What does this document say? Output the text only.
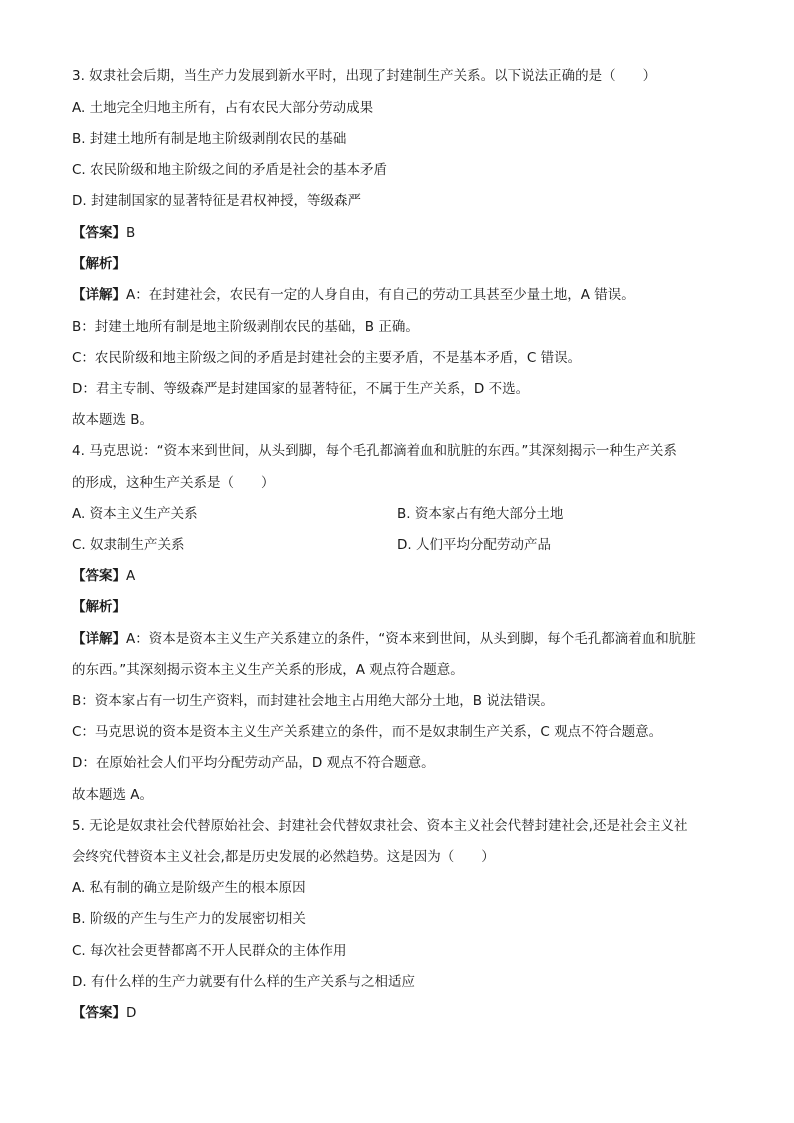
3. 奴隶社会后期，当生产力发展到新水平时，出现了封建制生产关系。以下说法正确的是（　　）
A. 土地完全归地主所有，占有农民大部分劳动成果
B. 封建土地所有制是地主阶级剥削农民的基础
C. 农民阶级和地主阶级之间的矛盾是社会的基本矛盾
D. 封建制国家的显著特征是君权神授，等级森严
【答案】B
【解析】
【详解】A：在封建社会，农民有一定的人身自由，有自己的劳动工具甚至少量土地，A 错误。
B：封建土地所有制是地主阶级剥削农民的基础，B 正确。
C：农民阶级和地主阶级之间的矛盾是封建社会的主要矛盾，不是基本矛盾，C 错误。
D：君主专制、等级森严是封建国家的显著特征，不属于生产关系，D 不选。
故本题选 B。
4. 马克思说：“资本来到世间，从头到脚，每个毛孔都滴着血和肮脏的东西。”其深刻揭示一种生产关系
的形成，这种生产关系是（　　）
A. 资本主义生产关系	B. 资本家占有绝大部分土地
C. 奴隶制生产关系	D. 人们平均分配劳动产品
【答案】A
【解析】
【详解】A：资本是资本主义生产关系建立的条件，“资本来到世间，从头到脚，每个毛孔都滴着血和肮脏
的东西。”其深刻揭示资本主义生产关系的形成，A 观点符合题意。
B：资本家占有一切生产资料，而封建社会地主占用绝大部分土地，B 说法错误。
C：马克思说的资本是资本主义生产关系建立的条件，而不是奴隶制生产关系，C 观点不符合题意。
D：在原始社会人们平均分配劳动产品，D 观点不符合题意。
故本题选 A。
5. 无论是奴隶社会代替原始社会、封建社会代替奴隶社会、资本主义社会代替封建社会,还是社会主义社
会终究代替资本主义社会,都是历史发展的必然趋势。这是因为（　　）
A. 私有制的确立是阶级产生的根本原因
B. 阶级的产生与生产力的发展密切相关
C. 每次社会更替都离不开人民群众的主体作用
D. 有什么样的生产力就要有什么样的生产关系与之相适应
【答案】D
